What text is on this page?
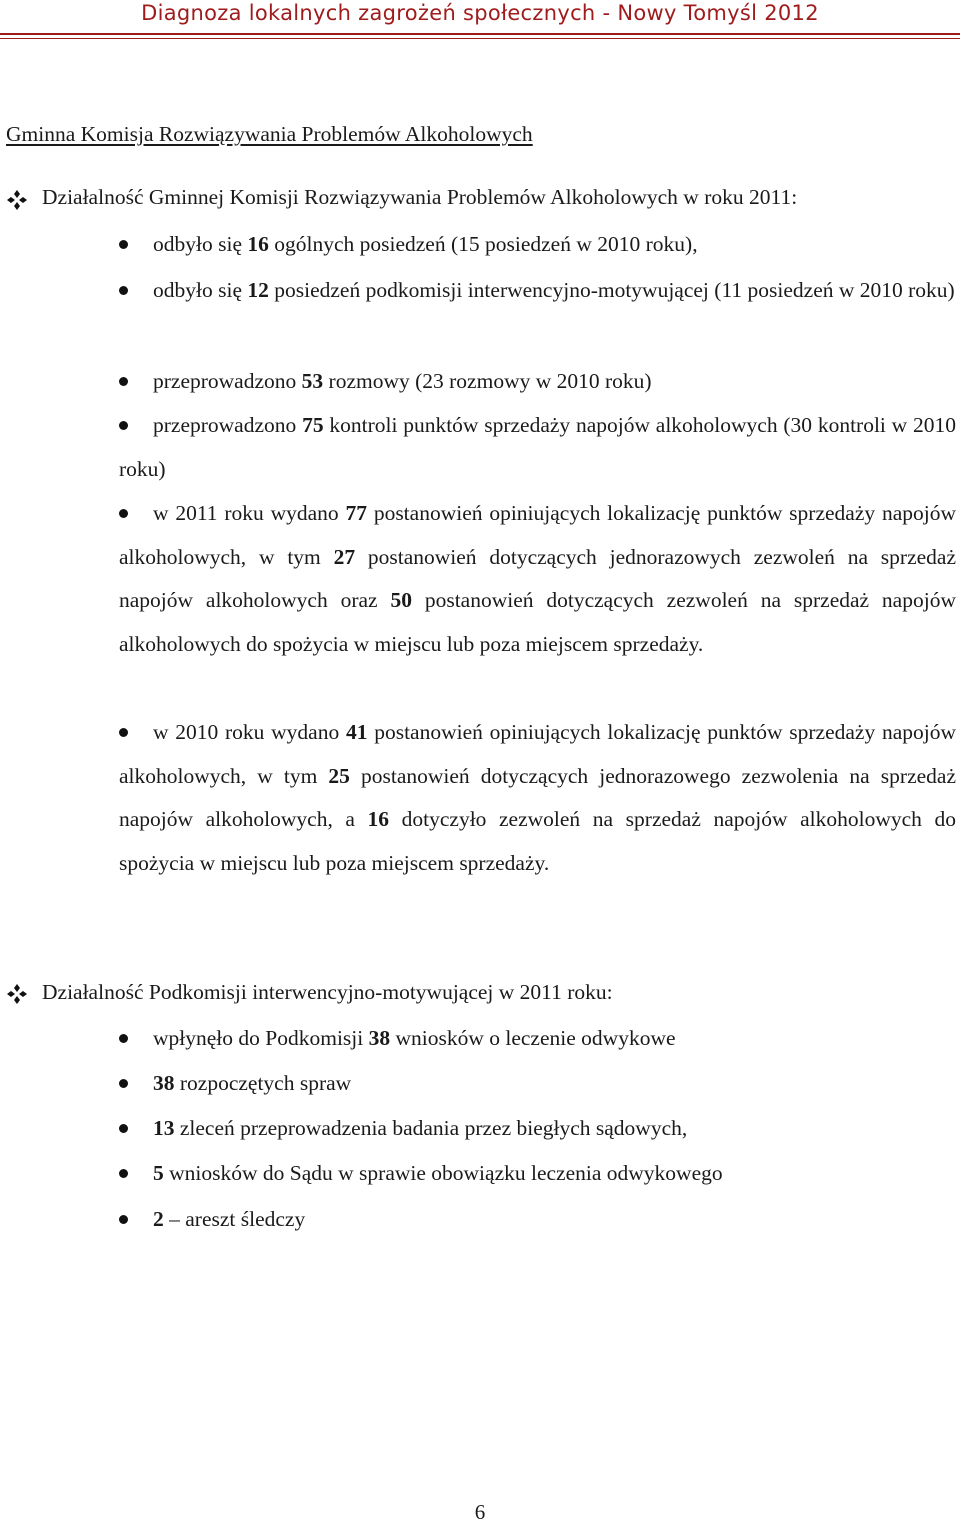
Diagnoza lokalnych zagrożeń społecznych - Nowy Tomyśl 2012
Gminna Komisja Rozwiązywania Problemów Alkoholowych
Działalność Gminnej Komisji Rozwiązywania Problemów Alkoholowych w roku 2011:
odbyło się 16 ogólnych posiedzeń (15 posiedzeń w 2010 roku),
odbyło się 12 posiedzeń podkomisji interwencyjno-motywującej (11 posiedzeń w 2010 roku)
przeprowadzono 53 rozmowy (23 rozmowy w 2010 roku)
przeprowadzono 75 kontroli punktów sprzedaży napojów alkoholowych (30 kontroli w 2010 roku)
w 2011 roku wydano 77 postanowień opiniujących lokalizację punktów sprzedaży napojów alkoholowych, w tym 27 postanowień dotyczących jednorazowych zezwoleń na sprzedaż napojów alkoholowych oraz 50 postanowień dotyczących zezwoleń na sprzedaż napojów alkoholowych do spożycia w miejscu lub poza miejscem sprzedaży.
w 2010 roku wydano 41 postanowień opiniujących lokalizację punktów sprzedaży napojów alkoholowych, w tym 25 postanowień dotyczących jednorazowego zezwolenia na sprzedaż napojów alkoholowych, a 16 dotyczyło zezwoleń na sprzedaż napojów alkoholowych do spożycia w miejscu lub poza miejscem sprzedaży.
Działalność Podkomisji interwencyjno-motywującej w 2011 roku:
wpłynęło do Podkomisji 38 wniosków o leczenie odwykowe
38 rozpoczętych spraw
13 zleceń przeprowadzenia badania przez biegłych sądowych,
5 wniosków do Sądu w sprawie obowiązku leczenia odwykowego
2 – areszt śledczy
6
